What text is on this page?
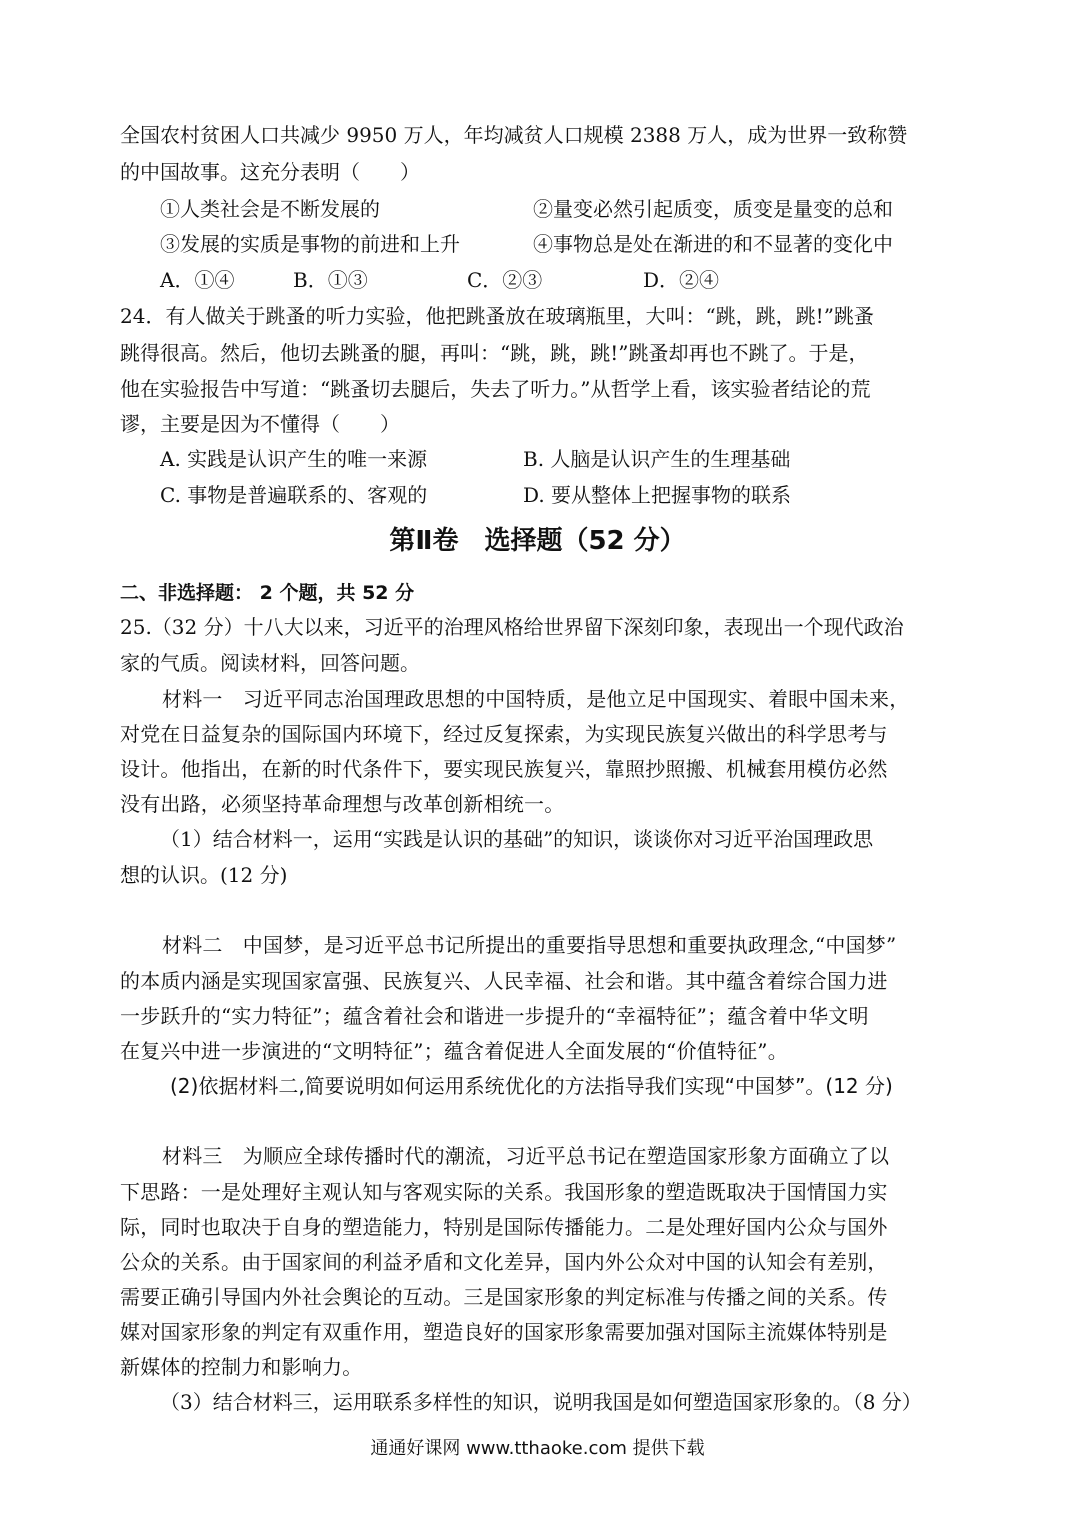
全国农村贫困人口共减少 9950 万人，年均减贫人口规模 2388 万人，成为世界一致称赞
的中国故事。这充分表明（　　）
①人类社会是不断发展的	②量变必然引起质变，质变是量变的总和
③发展的实质是事物的前进和上升	④事物总是处在渐进的和不显著的变化中
A．①④	B．①③	C．②③	D．②④
24．有人做关于跳蚤的听力实验，他把跳蚤放在玻璃瓶里，大叫：“跳，跳，跳!”跳蚤
跳得很高。然后，他切去跳蚤的腿，再叫：“跳，跳，跳!”跳蚤却再也不跳了。于是，
他在实验报告中写道：“跳蚤切去腿后，失去了听力。”从哲学上看，该实验者结论的荒
谬，主要是因为不懂得（　　）
A. 实践是认识产生的唯一来源	B. 人脑是认识产生的生理基础
C. 事物是普遍联系的、客观的	D. 要从整体上把握事物的联系
第Ⅱ卷　选择题（52 分）
二、非选择题： 2 个题，共 52 分
25.（32 分）十八大以来，习近平的治理风格给世界留下深刻印象，表现出一个现代政治
家的气质。阅读材料，回答问题。
材料一　习近平同志治国理政思想的中国特质，是他立足中国现实、着眼中国未来，
对党在日益复杂的国际国内环境下，经过反复探索，为实现民族复兴做出的科学思考与
设计。他指出，在新的时代条件下，要实现民族复兴，靠照抄照搬、机械套用模仿必然
没有出路，必须坚持革命理想与改革创新相统一。
（1）结合材料一，运用“实践是认识的基础”的知识，谈谈你对习近平治国理政思
想的认识。(12 分)
材料二　中国梦，是习近平总书记所提出的重要指导思想和重要执政理念,“中国梦”
的本质内涵是实现国家富强、民族复兴、人民幸福、社会和谐。其中蕴含着综合国力进
一步跃升的“实力特征”；蕴含着社会和谐进一步提升的“幸福特征”；蕴含着中华文明
在复兴中进一步演进的“文明特征”；蕴含着促进人全面发展的“价值特征”。
(2)依据材料二,简要说明如何运用系统优化的方法指导我们实现“中国梦”。(12 分)
材料三　为顺应全球传播时代的潮流，习近平总书记在塑造国家形象方面确立了以
下思路：一是处理好主观认知与客观实际的关系。我国形象的塑造既取决于国情国力实
际，同时也取决于自身的塑造能力，特别是国际传播能力。二是处理好国内公众与国外
公众的关系。由于国家间的利益矛盾和文化差异，国内外公众对中国的认知会有差别，
需要正确引导国内外社会舆论的互动。三是国家形象的判定标准与传播之间的关系。传
媒对国家形象的判定有双重作用，塑造良好的国家形象需要加强对国际主流媒体特别是
新媒体的控制力和影响力。
（3）结合材料三，运用联系多样性的知识，说明我国是如何塑造国家形象的。（8 分）
通通好课网 www.tthaoke.com 提供下载
